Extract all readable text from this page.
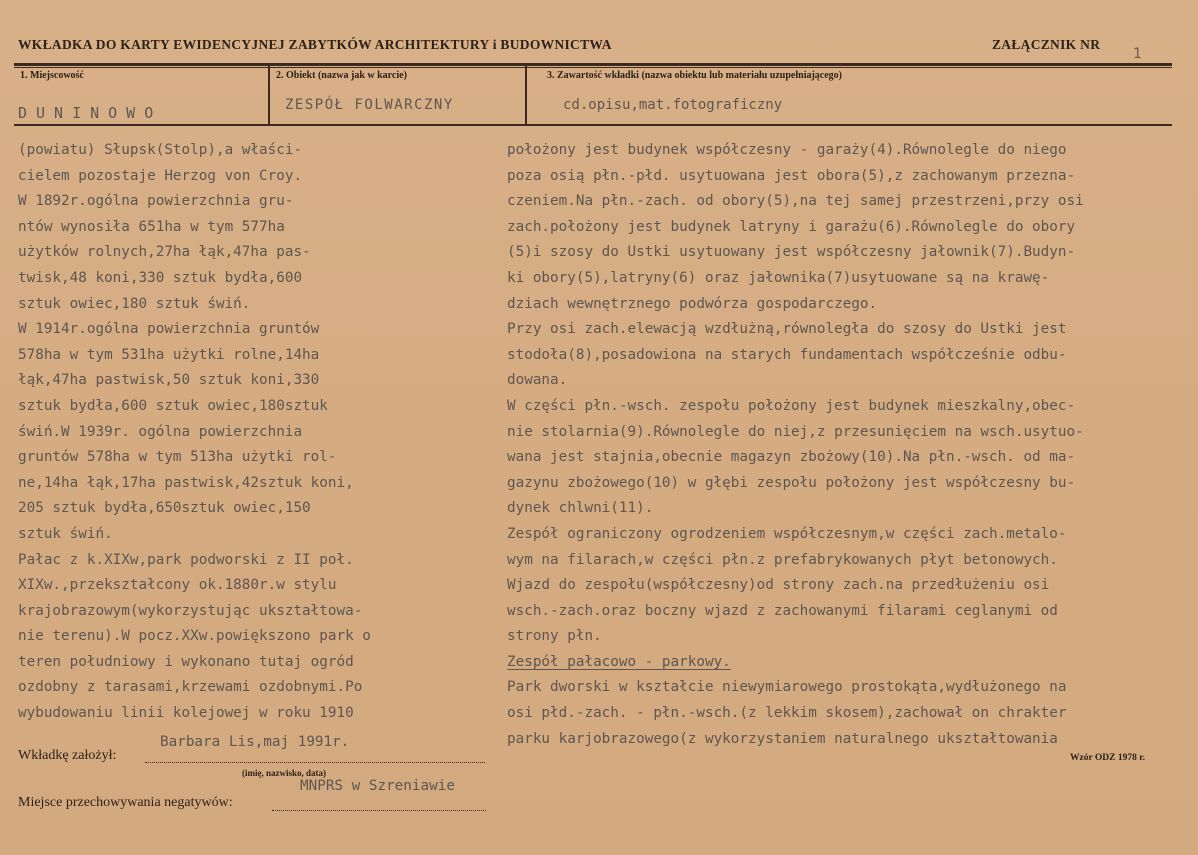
WKŁADKA DO KARTY EWIDENCYJNEJ ZABYTKÓW ARCHITEKTURY i BUDOWNICTWA	ZAŁĄCZNIK NR
1
1. Miejscowość	2. Obiekt (nazwa jak w karcie)	3. Zawartość wkładki (nazwa obiektu lub materiału uzupełniającego)
DUNINOWO	ZESPÓŁ FOLWARCZNY	cd.opisu,mat.fotograficzny
(powiatu) Słupsk(Stolp),a właści-
cielem pozostaje Herzog von Croy.
W 1892r.ogólna powierzchnia gru-
ntów wynosiła 651ha w tym 577ha
użytków rolnych,27ha łąk,47ha pas-
twisk,48 koni,330 sztuk bydła,600
sztuk owiec,180 sztuk świń.
W 1914r.ogólna powierzchnia gruntów
578ha w tym 531ha użytki rolne,14ha
łąk,47ha pastwisk,50 sztuk koni,330
sztuk bydła,600 sztuk owiec,180sztuk
świń.W 1939r. ogólna powierzchnia
gruntów 578ha w tym 513ha użytki rol-
ne,14ha łąk,17ha pastwisk,42sztuk koni,
205 sztuk bydła,650sztuk owiec,150
sztuk świń.
Pałac z k.XIXw,park podworski z II poł.
XIXw.,przekształcony ok.1880r.w stylu
krajobrazowym(wykorzystując ukształtowa-
nie terenu).W pocz.XXw.powiększono park o
teren południowy i wykonano tutaj ogród
ozdobny z tarasami,krzewami ozdobnymi.Po
wybudowaniu linii kolejowej w roku 1910
położony jest budynek współczesny - garaży(4).Równolegle do niego
poza osią płn.-płd. usytuowana jest obora(5),z zachowanym przezna-
czeniem.Na płn.-zach. od obory(5),na tej samej przestrzeni,przy osi
zach.położony jest budynek latryny i garażu(6).Równolegle do obory
(5)i szosy do Ustki usytuowany jest współczesny jałownik(7).Budyn-
ki obory(5),latryny(6) oraz jałownika(7)usytuowane są na krawę-
dziach wewnętrznego podwórza gospodarczego.
Przy osi zach.elewacją wzdłużną,równoległa do szosy do Ustki jest
stodoła(8),posadowiona na starych fundamentach współcześnie odbu-
dowana.
W części płn.-wsch. zespołu położony jest budynek mieszkalny,obec-
nie stolarnia(9).Równolegle do niej,z przesunięciem na wsch.usytuo-
wana jest stajnia,obecnie magazyn zbożowy(10).Na płn.-wsch. od ma-
gazynu zbożowego(10) w głębi zespołu położony jest współczesny bu-
dynek chlwni(11).
Zespół ograniczony ogrodzeniem współczesnym,w części zach.metalo-
wym na filarach,w części płn.z prefabrykowanych płyt betonowych.
Wjazd do zespołu(współczesny)od strony zach.na przedłużeniu osi
wsch.-zach.oraz boczny wjazd z zachowanymi filarami ceglanymi od
strony płn.
Zespół pałacowo - parkowy.
Park dworski w kształcie niewymiarowego prostokąta,wydłużonego na
osi płd.-zach. - płn.-wsch.(z lekkim skosem),zachował on chrakter
parku karjobrazowego(z wykorzystaniem naturalnego ukształtowania
Wkładkę założył:
Barbara Lis,maj 1991r.
(imię, nazwisko, data)
Miejsce przechowywania negatywów:
MNPRS w Szreniawie
Wzór ODZ 1978 r.
